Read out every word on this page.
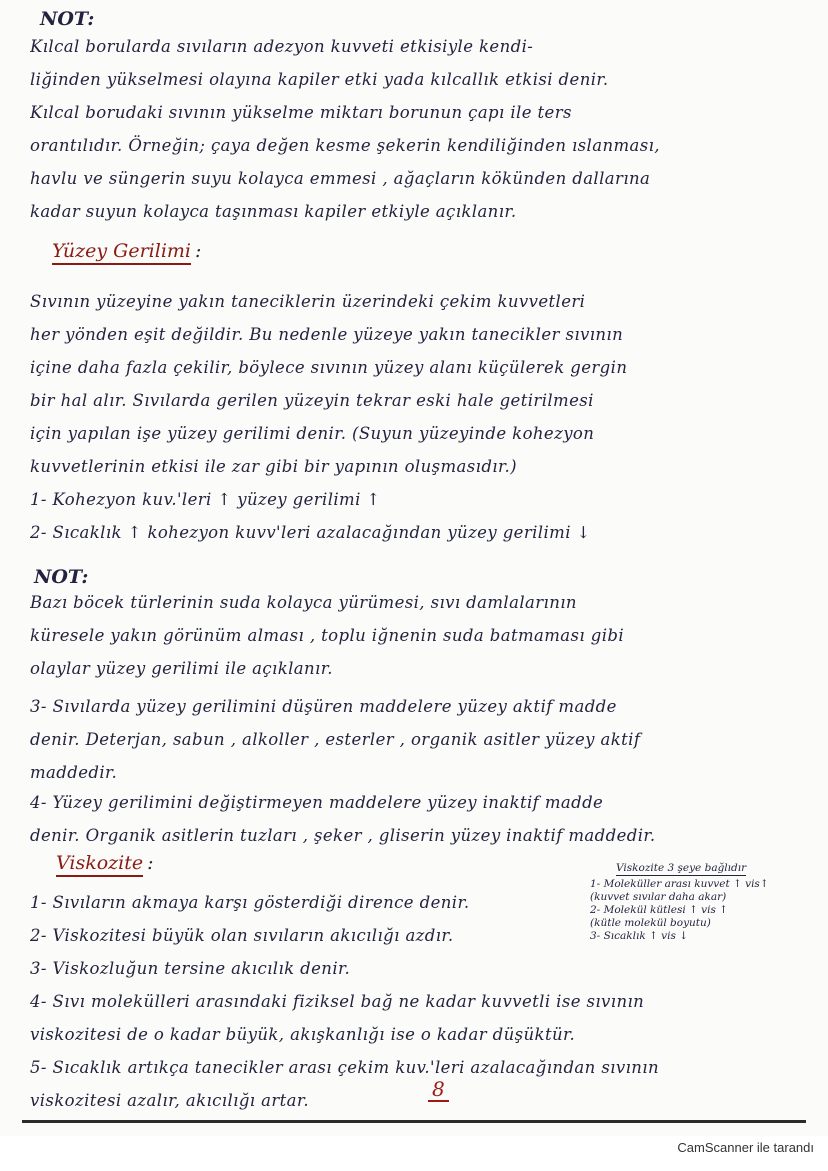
NOT:
Kılcal borularda sıvıların adezyon kuvveti etkisiyle kendi-
liğinden yükselmesi olayına kapiler etki yada kılcallık etkisi denir.
Kılcal borudaki sıvının yükselme miktarı borunun çapı ile ters
orantılıdır. Örneğin; çaya değen kesme şekerin kendiliğinden ıslanması,
havlu ve süngerin suyu kolayca emmesi , ağaçların kökünden dallarına
kadar suyun kolayca taşınması kapiler etkiyle açıklanır.
Yüzey Gerilimi :
Sıvının yüzeyine yakın taneciklerin üzerindeki çekim kuvvetleri
her yönden eşit değildir. Bu nedenle yüzeye yakın tanecikler sıvının
içine daha fazla çekilir, böylece sıvının yüzey alanı küçülerek gergin
bir hal alır. Sıvılarda gerilen yüzeyin tekrar eski hale getirilmesi
için yapılan işe yüzey gerilimi denir. (Suyun yüzeyinde kohezyon
kuvvetlerinin etkisi ile zar gibi bir yapının oluşmasıdır.)
1- Kohezyon kuv.'leri ↑ yüzey gerilimi ↑
2- Sıcaklık ↑ kohezyon kuvv'leri azalacağından yüzey gerilimi ↓
NOT:
Bazı böcek türlerinin suda kolayca yürümesi, sıvı damlalarının
küresele yakın görünüm alması , toplu iğnenin suda batmaması gibi
olaylar yüzey gerilimi ile açıklanır.
3- Sıvılarda yüzey gerilimini düşüren maddelere yüzey aktif madde
denir. Deterjan, sabun , alkoller , esterler , organik asitler yüzey aktif
maddedir.
4- Yüzey gerilimini değiştirmeyen maddelere yüzey inaktif madde
denir. Organik asitlerin tuzları , şeker , gliserin yüzey inaktif maddedir.
Viskozite :
1- Sıvıların akmaya karşı gösterdiği dirence denir.
2- Viskozitesi büyük olan sıvıların akıcılığı azdır.
3- Viskozluğun tersine akıcılık denir.
4- Sıvı molekülleri arasındaki fiziksel bağ ne kadar kuvvetli ise sıvının
viskozitesi de o kadar büyük, akışkanlığı ise o kadar düşüktür.
5- Sıcaklık artıkça tanecikler arası çekim kuv.'leri azalacağından sıvının
viskozitesi azalır, akıcılığı artar.
Viskozite 3 şeye bağlıdır
1- Moleküller arası kuvvet ↑ vis↑
(kuvvet sıvılar daha akar)
2- Molekül kütlesi ↑ vis ↑
(kütle molekül boyutu)
3- Sıcaklık ↑ vis ↓
8
CamScanner ile tarandı
